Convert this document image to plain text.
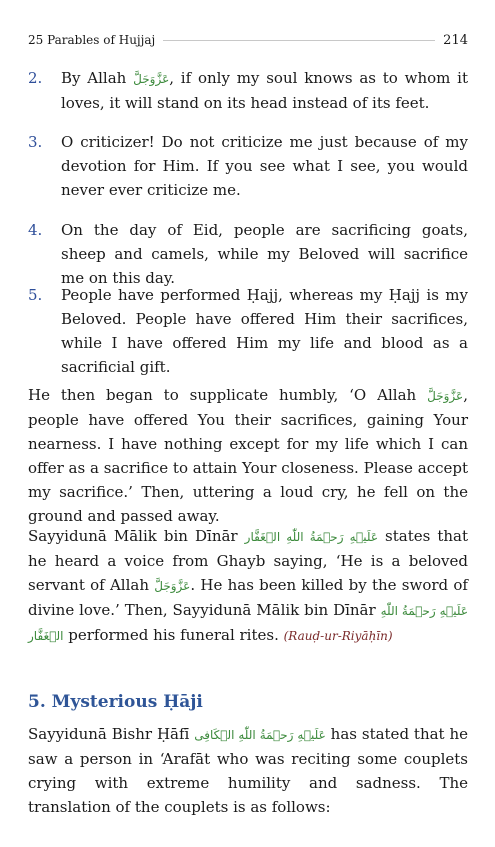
25 Parables of Hujjaj	214
2. By Allah عَزَّوَجَلَّ, if only my soul knows as to whom it loves, it will stand on its head instead of its feet.
3. O criticizer! Do not criticize me just because of my devotion for Him. If you see what I see, you would never ever criticize me.
4. On the day of Eid, people are sacrificing goats, sheep and camels, while my Beloved will sacrifice me on this day.
5. People have performed Ḥajj, whereas my Ḥajj is my Beloved. People have offered Him their sacrifices, while I have offered Him my life and blood as a sacrificial gift.
He then began to supplicate humbly, ‘O Allah عَزَّوَجَلَّ, people have offered You their sacrifices, gaining Your nearness. I have nothing except for my life which I can offer as a sacrifice to attain Your closeness. Please accept my sacrifice.’ Then, uttering a loud cry, he fell on the ground and passed away.
Sayyidunā Mālik bin Dīnār عَلَيۡهِ رَحۡمَةُ اللّٰهِ الۡغَفَّار states that he heard a voice from Ghayb saying, ‘He is a beloved servant of Allah عَزَّوَجَلَّ. He has been killed by the sword of divine love.’ Then, Sayyidunā Mālik bin Dīnār عَلَيۡهِ رَحۡمَةُ اللّٰهِ الۡغَفَّار performed his funeral rites. (Rauḍ-ur-Riyāḥīn)
5. Mysterious Ḥāji
Sayyidunā Bishr Ḥāfī عَلَيۡهِ رَحۡمَةُ اللّٰهِ الۡكَافِى has stated that he saw a person in ‘Arafāt who was reciting some couplets crying with extreme humility and sadness. The translation of the couplets is as follows:
